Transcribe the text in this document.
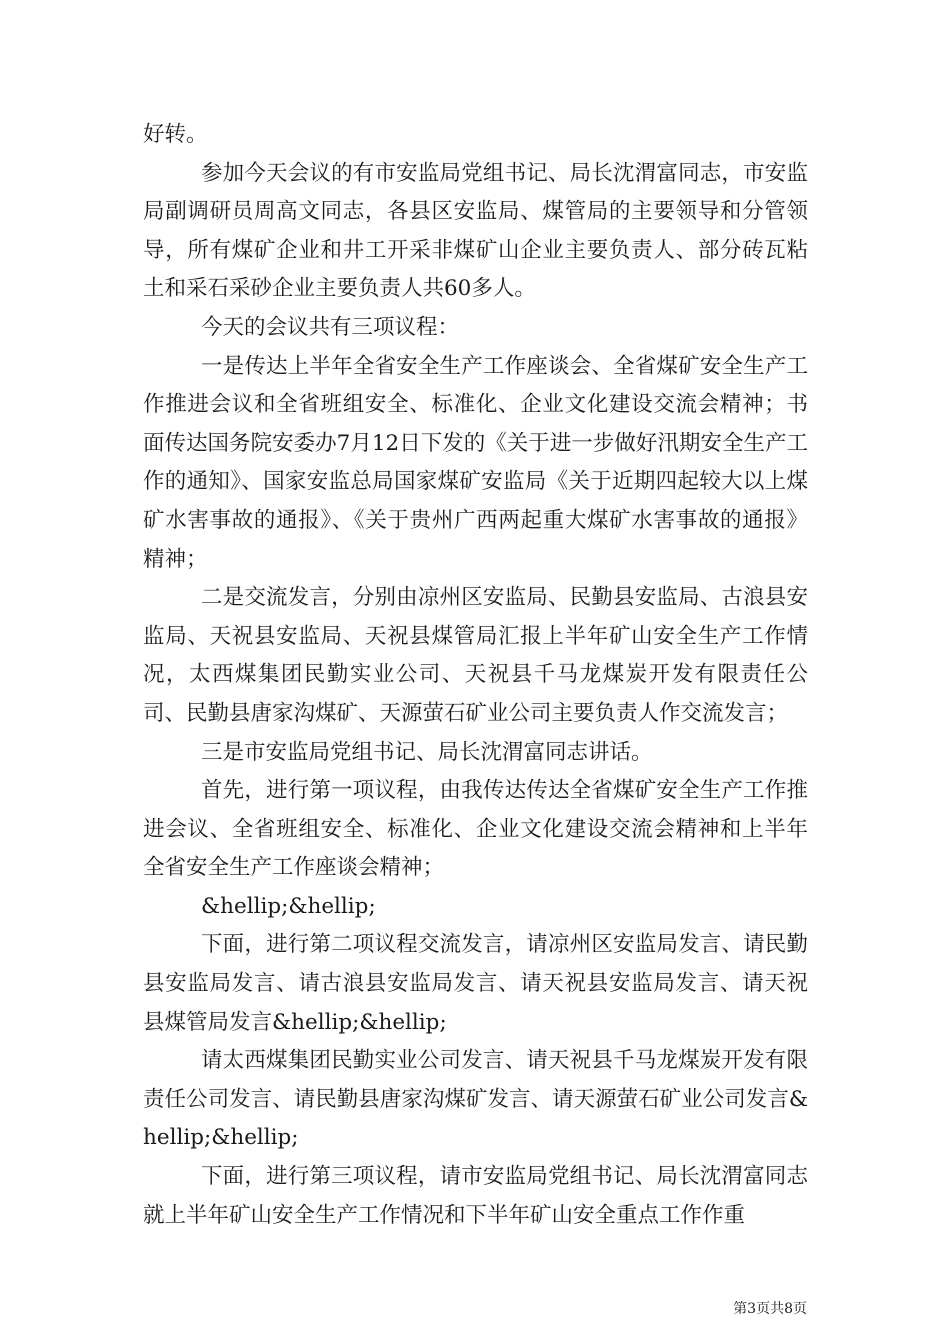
好转。

参加今天会议的有市安监局党组书记、局长沈渭富同志，市安监局副调研员周高文同志，各县区安监局、煤管局的主要领导和分管领导，所有煤矿企业和井工开采非煤矿山企业主要负责人、部分砖瓦粘土和采石采砂企业主要负责人共60多人。

今天的会议共有三项议程：

一是传达上半年全省安全生产工作座谈会、全省煤矿安全生产工作推进会议和全省班组安全、标准化、企业文化建设交流会精神；书面传达国务院安委办7月12日下发的《关于进一步做好汛期安全生产工作的通知》、国家安监总局国家煤矿安监局《关于近期四起较大以上煤矿水害事故的通报》、《关于贵州广西两起重大煤矿水害事故的通报》精神；

二是交流发言，分别由凉州区安监局、民勤县安监局、古浪县安监局、天祝县安监局、天祝县煤管局汇报上半年矿山安全生产工作情况，太西煤集团民勤实业公司、天祝县千马龙煤炭开发有限责任公司、民勤县唐家沟煤矿、天源萤石矿业公司主要负责人作交流发言；

三是市安监局党组书记、局长沈渭富同志讲话。

首先，进行第一项议程，由我传达传达全省煤矿安全生产工作推进会议、全省班组安全、标准化、企业文化建设交流会精神和上半年全省安全生产工作座谈会精神；

&hellip;&hellip;

下面，进行第二项议程交流发言，请凉州区安监局发言、请民勤县安监局发言、请古浪县安监局发言、请天祝县安监局发言、请天祝县煤管局发言&hellip;&hellip;

请太西煤集团民勤实业公司发言、请天祝县千马龙煤炭开发有限责任公司发言、请民勤县唐家沟煤矿发言、请天源萤石矿业公司发言&hellip;&hellip;

下面，进行第三项议程，请市安监局党组书记、局长沈渭富同志就上半年矿山安全生产工作情况和下半年矿山安全重点工作作重

第3页共8页
